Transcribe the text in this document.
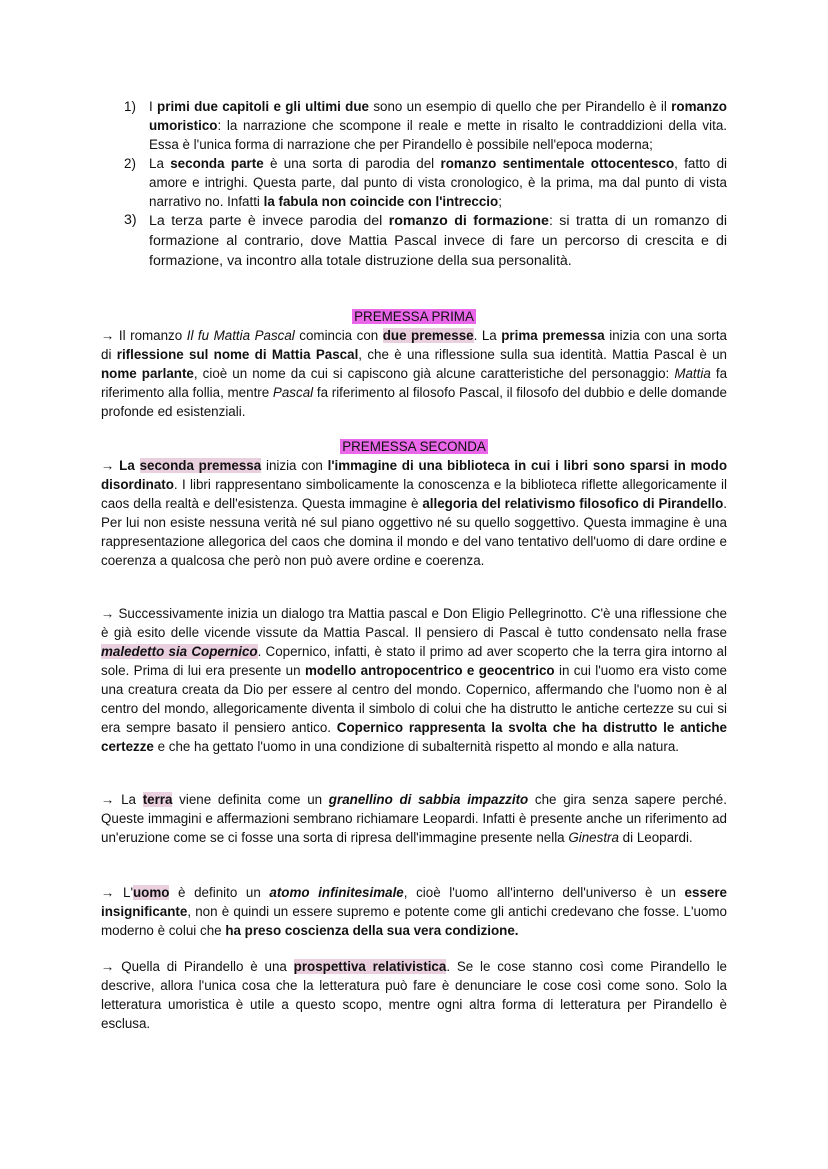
1) I primi due capitoli e gli ultimi due sono un esempio di quello che per Pirandello è il romanzo umoristico: la narrazione che scompone il reale e mette in risalto le contraddizioni della vita. Essa è l'unica forma di narrazione che per Pirandello è possibile nell'epoca moderna;
2) La seconda parte è una sorta di parodia del romanzo sentimentale ottocentesco, fatto di amore e intrighi. Questa parte, dal punto di vista cronologico, è la prima, ma dal punto di vista narrativo no. Infatti la fabula non coincide con l'intreccio;
3) La terza parte è invece parodia del romanzo di formazione: si tratta di un romanzo di formazione al contrario, dove Mattia Pascal invece di fare un percorso di crescita e di formazione, va incontro alla totale distruzione della sua personalità.
PREMESSA PRIMA

→ Il romanzo Il fu Mattia Pascal comincia con due premesse. La prima premessa inizia con una sorta di riflessione sul nome di Mattia Pascal, che è una riflessione sulla sua identità. Mattia Pascal è un nome parlante, cioè un nome da cui si capiscono già alcune caratteristiche del personaggio: Mattia fa riferimento alla follia, mentre Pascal fa riferimento al filosofo Pascal, il filosofo del dubbio e delle domande profonde ed esistenziali.

PREMESSA SECONDA

→ La seconda premessa inizia con l'immagine di una biblioteca in cui i libri sono sparsi in modo disordinato. I libri rappresentano simbolicamente la conoscenza e la biblioteca riflette allegoricamente il caos della realtà e dell'esistenza. Questa immagine è allegoria del relativismo filosofico di Pirandello. Per lui non esiste nessuna verità né sul piano oggettivo né su quello soggettivo. Questa immagine è una rappresentazione allegorica del caos che domina il mondo e del vano tentativo dell'uomo di dare ordine e coerenza a qualcosa che però non può avere ordine e coerenza.

→ Successivamente inizia un dialogo tra Mattia pascal e Don Eligio Pellegrinotto. C'è una riflessione che è già esito delle vicende vissute da Mattia Pascal. Il pensiero di Pascal è tutto condensato nella frase maledetto sia Copernico. Copernico, infatti, è stato il primo ad aver scoperto che la terra gira intorno al sole. Prima di lui era presente un modello antropocentrico e geocentrico in cui l'uomo era visto come una creatura creata da Dio per essere al centro del mondo. Copernico, affermando che l'uomo non è al centro del mondo, allegoricamente diventa il simbolo di colui che ha distrutto le antiche certezze su cui si era sempre basato il pensiero antico. Copernico rappresenta la svolta che ha distrutto le antiche certezze e che ha gettato l'uomo in una condizione di subalternità rispetto al mondo e alla natura.

→ La terra viene definita come un granellino di sabbia impazzito che gira senza sapere perché. Queste immagini e affermazioni sembrano richiamare Leopardi. Infatti è presente anche un riferimento ad un'eruzione come se ci fosse una sorta di ripresa dell'immagine presente nella Ginestra di Leopardi.

→ L'uomo è definito un atomo infinitesimale, cioè l'uomo all'interno dell'universo è un essere insignificante, non è quindi un essere supremo e potente come gli antichi credevano che fosse. L'uomo moderno è colui che ha preso coscienza della sua vera condizione.

→ Quella di Pirandello è una prospettiva relativistica. Se le cose stanno così come Pirandello le descrive, allora l'unica cosa che la letteratura può fare è denunciare le cose così come sono. Solo la letteratura umoristica è utile a questo scopo, mentre ogni altra forma di letteratura per Pirandello è esclusa.
